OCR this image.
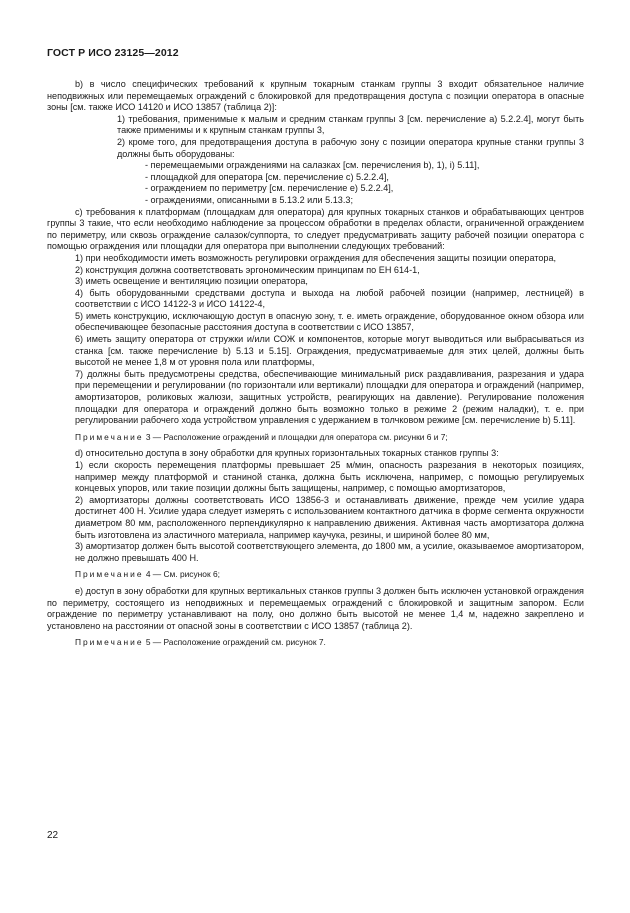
ГОСТ Р ИСО 23125—2012

b) в число специфических требований к крупным токарным станкам группы 3 входит обязательное наличие неподвижных или перемещаемых ограждений с блокировкой для предотвращения доступа с позиции оператора в опасные зоны [см. также ИСО 14120 и ИСО 13857 (таблица 2)]:

1) требования, применимые к малым и средним станкам группы 3 [см. перечисление a) 5.2.2.4], могут быть также применимы и к крупным станкам группы 3,

2) кроме того, для предотвращения доступа в рабочую зону с позиции оператора крупные станки группы 3 должны быть оборудованы:

- перемещаемыми ограждениями на салазках [см. перечисления b), 1), i) 5.11],

- площадкой для оператора [см. перечисление c) 5.2.2.4],

- ограждением по периметру [см. перечисление e) 5.2.2.4],

- ограждениями, описанными в 5.13.2 или 5.13.3;

c) требования к платформам (площадкам для оператора) для крупных токарных станков и обрабатывающих центров группы 3 такие, что если необходимо наблюдение за процессом обработки в пределах области, ограниченной ограждением по периметру, или сквозь ограждение салазок/суппорта, то следует предусматривать защиту рабочей позиции оператора с помощью ограждения или площадки для оператора при выполнении следующих требований:

1) при необходимости иметь возможность регулировки ограждения для обеспечения защиты позиции оператора,

2) конструкция должна соответствовать эргономическим принципам по ЕН 614-1,

3) иметь освещение и вентиляцию позиции оператора,

4) быть оборудованными средствами доступа и выхода на любой рабочей позиции (например, лестницей) в соответствии с ИСО 14122-3 и ИСО 14122-4,

5) иметь конструкцию, исключающую доступ в опасную зону, т. е. иметь ограждение, оборудованное окном обзора или обеспечивающее безопасные расстояния доступа в соответствии с ИСО 13857,

6) иметь защиту оператора от стружки и/или СОЖ и компонентов, которые могут выводиться или выбрасываться из станка [см. также перечисление b) 5.13 и 5.15]. Ограждения, предусматриваемые для этих целей, должны быть высотой не менее 1,8 м от уровня пола или платформы,

7) должны быть предусмотрены средства, обеспечивающие минимальный риск раздавливания, разрезания и удара при перемещении и регулировании (по горизонтали или вертикали) площадки для оператора и ограждений (например, амортизаторов, роликовых жалюзи, защитных устройств, реагирующих на давление). Регулирование положения площадки для оператора и ограждений должно быть возможно только в режиме 2 (режим наладки), т. е. при регулировании рабочего хода устройством управления с удержанием в толчковом режиме [см. перечисление b) 5.11].

Примечание 3 — Расположение ограждений и площадки для оператора см. рисунки 6 и 7;

d) относительно доступа в зону обработки для крупных горизонтальных токарных станков группы 3:

1) если скорость перемещения платформы превышает 25 м/мин, опасность разрезания в некоторых позициях, например между платформой и станиной станка, должна быть исключена, например, с помощью регулируемых концевых упоров, или такие позиции должны быть защищены, например, с помощью амортизаторов,

2) амортизаторы должны соответствовать ИСО 13856-3 и останавливать движение, прежде чем усилие удара достигнет 400 Н. Усилие удара следует измерять с использованием контактного датчика в форме сегмента окружности диаметром 80 мм, расположенного перпендикулярно к направлению движения. Активная часть амортизатора должна быть изготовлена из эластичного материала, например каучука, резины, и шириной более 80 мм,

3) амортизатор должен быть высотой соответствующего элемента, до 1800 мм, а усилие, оказываемое амортизатором, не должно превышать 400 Н.

Примечание 4 — См. рисунок 6;

e) доступ в зону обработки для крупных вертикальных станков группы 3 должен быть исключен установкой ограждения по периметру, состоящего из неподвижных и перемещаемых ограждений с блокировкой и защитным запором. Если ограждение по периметру устанавливают на полу, оно должно быть высотой не менее 1,4 м, надежно закреплено и установлено на расстоянии от опасной зоны в соответствии с ИСО 13857 (таблица 2).

Примечание 5 — Расположение ограждений см. рисунок 7.

22
